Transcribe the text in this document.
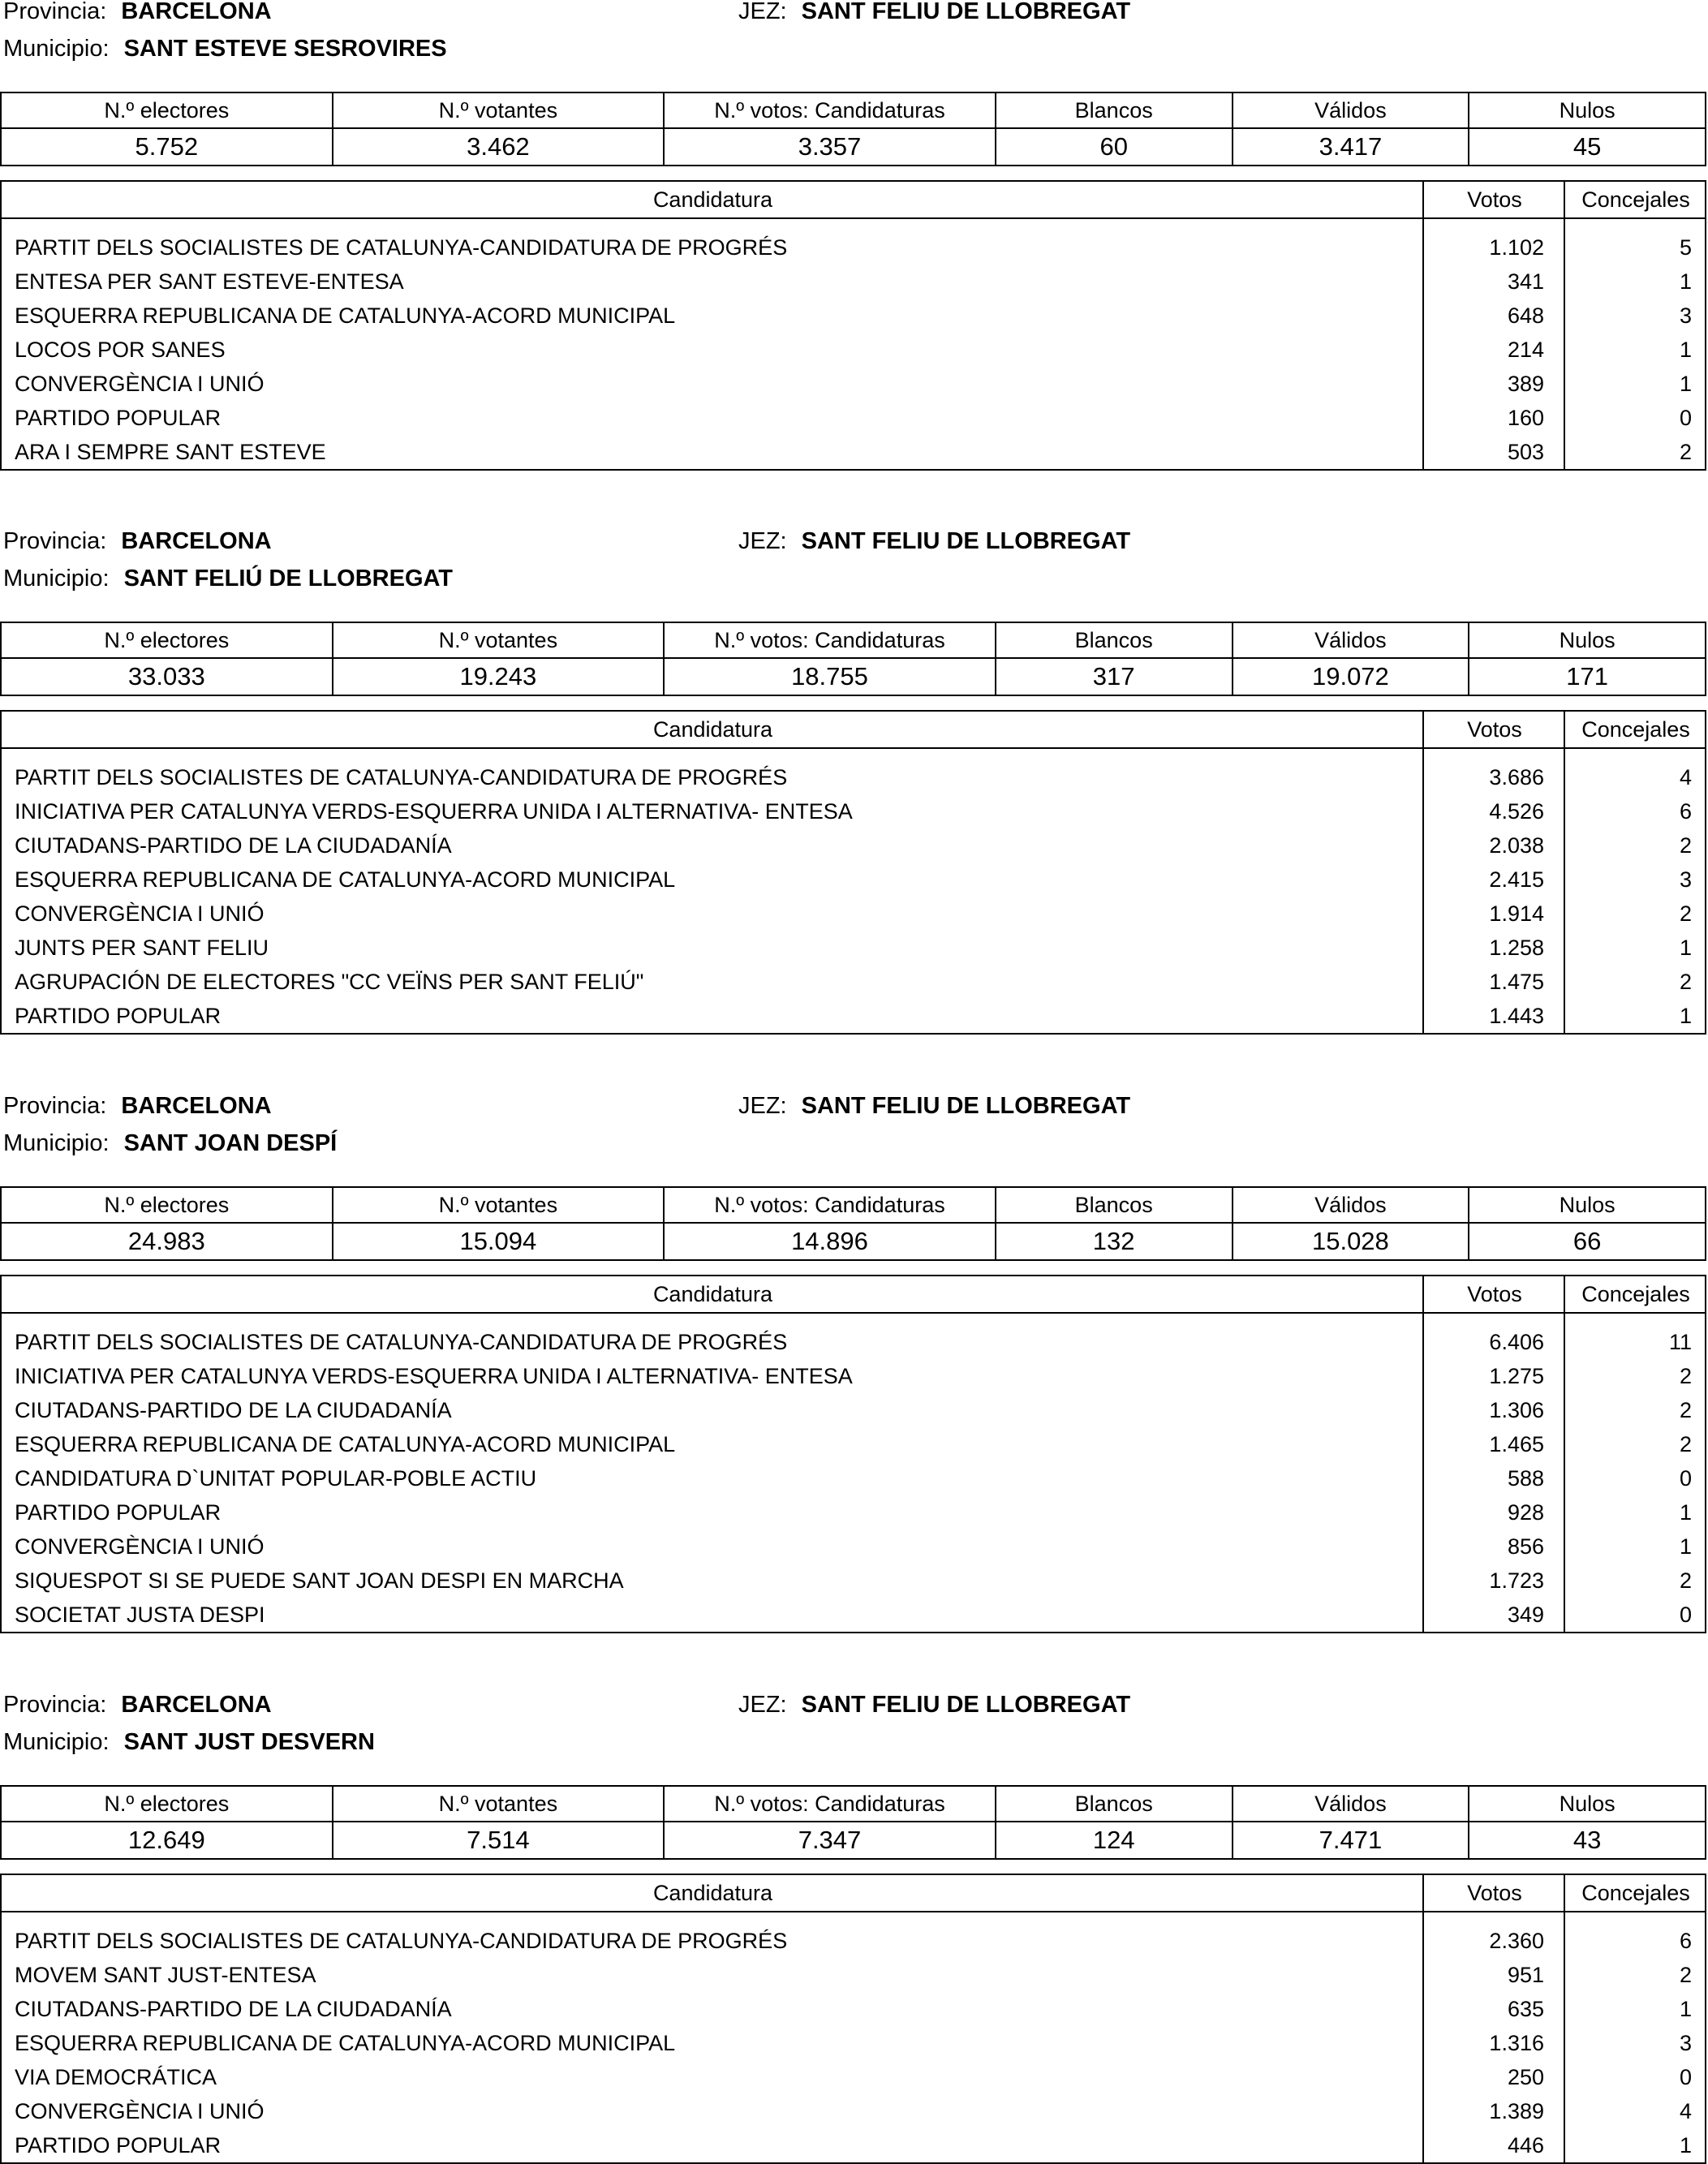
Provincia: BARCELONA	JEZ: SANT FELIU DE LLOBREGAT
Municipio: SANT ESTEVE SESROVIRES
N.º electores	N.º votantes	N.º votos: Candidaturas	Blancos	Válidos	Nulos
5.752	3.462	3.357	60	3.417	45
Candidatura	Votos	Concejales
PARTIT DELS SOCIALISTES DE CATALUNYA-CANDIDATURA DE PROGRÉS	1.102	5
ENTESA PER SANT ESTEVE-ENTESA	341	1
ESQUERRA REPUBLICANA DE CATALUNYA-ACORD MUNICIPAL	648	3
LOCOS POR SANES	214	1
CONVERGÈNCIA I UNIÓ	389	1
PARTIDO POPULAR	160	0
ARA I SEMPRE SANT ESTEVE	503	2
Provincia: BARCELONA	JEZ: SANT FELIU DE LLOBREGAT
Municipio: SANT FELIÚ DE LLOBREGAT
N.º electores	N.º votantes	N.º votos: Candidaturas	Blancos	Válidos	Nulos
33.033	19.243	18.755	317	19.072	171
Candidatura	Votos	Concejales
PARTIT DELS SOCIALISTES DE CATALUNYA-CANDIDATURA DE PROGRÉS	3.686	4
INICIATIVA PER CATALUNYA VERDS-ESQUERRA UNIDA I ALTERNATIVA- ENTESA	4.526	6
CIUTADANS-PARTIDO DE LA CIUDADANÍA	2.038	2
ESQUERRA REPUBLICANA DE CATALUNYA-ACORD MUNICIPAL	2.415	3
CONVERGÈNCIA I UNIÓ	1.914	2
JUNTS PER SANT FELIU	1.258	1
AGRUPACIÓN DE ELECTORES "CC VEÏNS PER SANT FELIÚ"	1.475	2
PARTIDO POPULAR	1.443	1
Provincia: BARCELONA	JEZ: SANT FELIU DE LLOBREGAT
Municipio: SANT JOAN DESPÍ
N.º electores	N.º votantes	N.º votos: Candidaturas	Blancos	Válidos	Nulos
24.983	15.094	14.896	132	15.028	66
Candidatura	Votos	Concejales
PARTIT DELS SOCIALISTES DE CATALUNYA-CANDIDATURA DE PROGRÉS	6.406	11
INICIATIVA PER CATALUNYA VERDS-ESQUERRA UNIDA I ALTERNATIVA- ENTESA	1.275	2
CIUTADANS-PARTIDO DE LA CIUDADANÍA	1.306	2
ESQUERRA REPUBLICANA DE CATALUNYA-ACORD MUNICIPAL	1.465	2
CANDIDATURA D`UNITAT POPULAR-POBLE ACTIU	588	0
PARTIDO POPULAR	928	1
CONVERGÈNCIA I UNIÓ	856	1
SIQUESPOT SI SE PUEDE SANT JOAN DESPI EN MARCHA	1.723	2
SOCIETAT JUSTA DESPI	349	0
Provincia: BARCELONA	JEZ: SANT FELIU DE LLOBREGAT
Municipio: SANT JUST DESVERN
N.º electores	N.º votantes	N.º votos: Candidaturas	Blancos	Válidos	Nulos
12.649	7.514	7.347	124	7.471	43
Candidatura	Votos	Concejales
PARTIT DELS SOCIALISTES DE CATALUNYA-CANDIDATURA DE PROGRÉS	2.360	6
MOVEM SANT JUST-ENTESA	951	2
CIUTADANS-PARTIDO DE LA CIUDADANÍA	635	1
ESQUERRA REPUBLICANA DE CATALUNYA-ACORD MUNICIPAL	1.316	3
VIA DEMOCRÁTICA	250	0
CONVERGÈNCIA I UNIÓ	1.389	4
PARTIDO POPULAR	446	1
